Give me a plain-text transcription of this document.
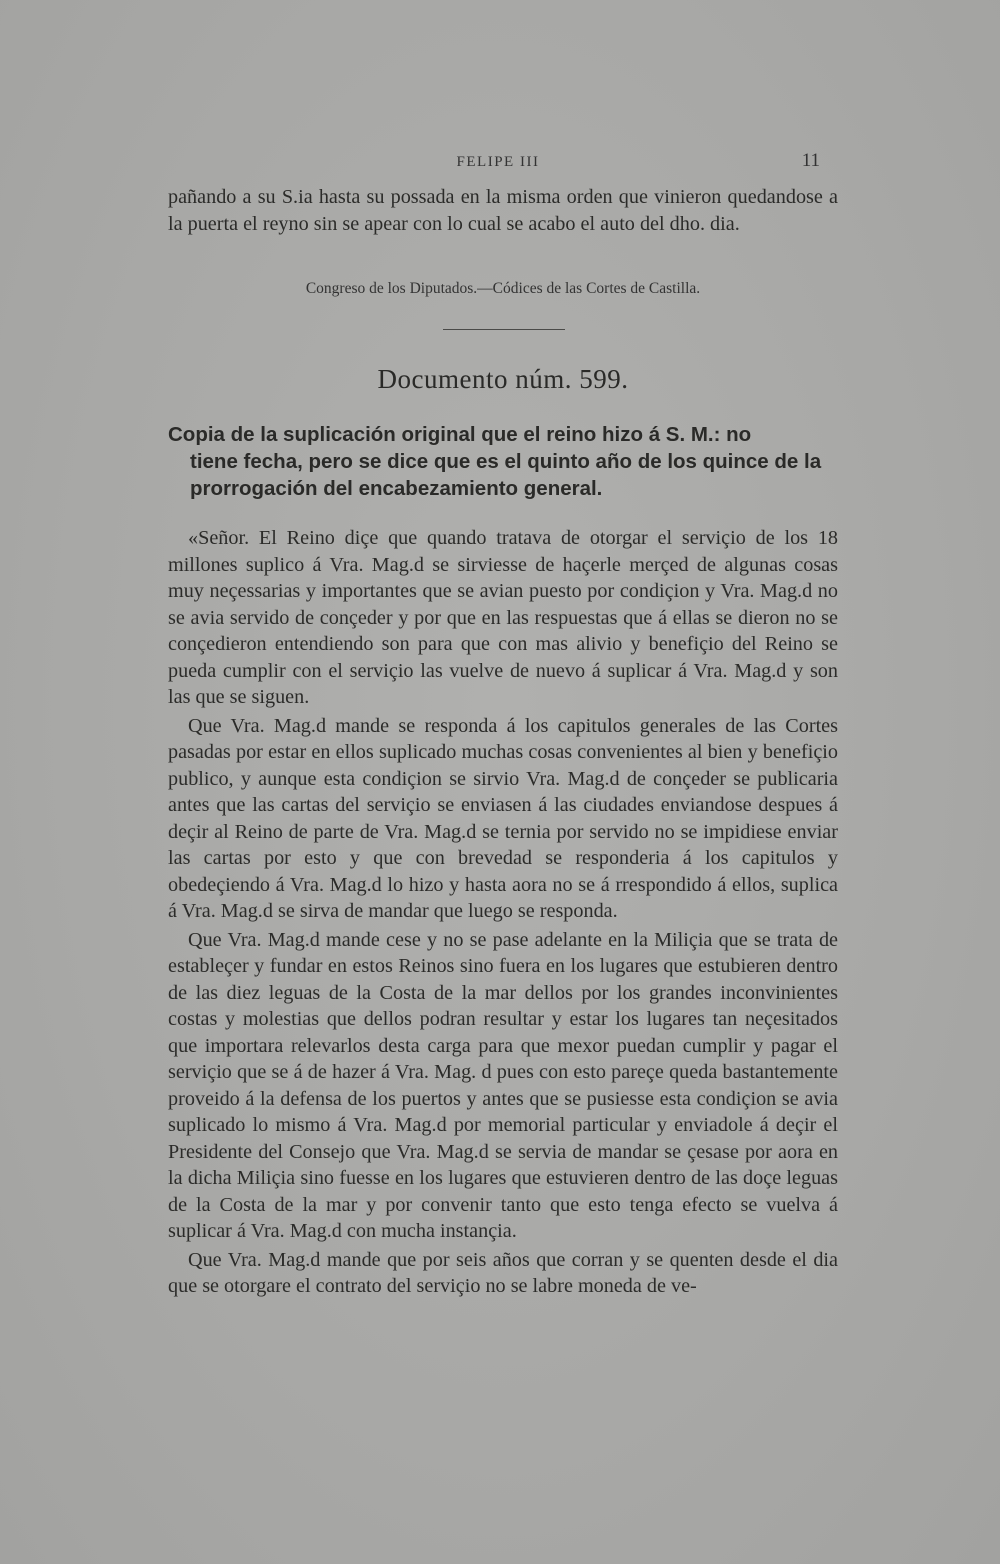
FELIPE III	11

pañando a su S.ia hasta su possada en la misma orden que vinieron quedandose a la puerta el reyno sin se apear con lo cual se acabo el auto del dho. dia.

Congreso de los Diputados.—Códices de las Cortes de Castilla.
Documento núm. 599.
Copia de la suplicación original que el reino hizo á S. M.: no
tiene fecha, pero se dice que es el quinto año de los quince de la prorrogación del encabezamiento general.

«Señor. El Reino diçe que quando tratava de otorgar el serviçio de los 18 millones suplico á Vra. Mag.d se sirviesse de haçerle merçed de algunas cosas muy neçessarias y importantes que se avian puesto por condiçion y Vra. Mag.d no se avia servido de conçeder y por que en las respuestas que á ellas se dieron no se conçedieron entendiendo son para que con mas alivio y benefiçio del Reino se pueda cumplir con el serviçio las vuelve de nuevo á suplicar á Vra. Mag.d y son las que se siguen.

Que Vra. Mag.d mande se responda á los capitulos generales de las Cortes pasadas por estar en ellos suplicado muchas cosas convenientes al bien y benefiçio publico, y aunque esta condiçion se sirvio Vra. Mag.d de conçeder se publicaria antes que las cartas del serviçio se enviasen á las ciudades enviandose despues á deçir al Reino de parte de Vra. Mag.d se ternia por servido no se impidiese enviar las cartas por esto y que con brevedad se responderia á los capitulos y obedeçiendo á Vra. Mag.d lo hizo y hasta aora no se á rrespondido á ellos, suplica á Vra. Mag.d se sirva de mandar que luego se responda.

Que Vra. Mag.d mande cese y no se pase adelante en la Miliçia que se trata de estableçer y fundar en estos Reinos sino fuera en los lugares que estubieren dentro de las diez leguas de la Costa de la mar dellos por los grandes inconvinientes costas y molestias que dellos podran resultar y estar los lugares tan neçesitados que importara relevarlos desta carga para que mexor puedan cumplir y pagar el serviçio que se á de hazer á Vra. Mag. d pues con esto pareçe queda bastantemente proveido á la defensa de los puertos y antes que se pusiesse esta condiçion se avia suplicado lo mismo á Vra. Mag.d por memorial particular y enviadole á deçir el Presidente del Consejo que Vra. Mag.d se servia de mandar se çesase por aora en la dicha Miliçia sino fuesse en los lugares que estuvieren dentro de las doçe leguas de la Costa de la mar y por convenir tanto que esto tenga efecto se vuelva á suplicar á Vra. Mag.d con mucha instançia.

Que Vra. Mag.d mande que por seis años que corran y se quenten desde el dia que se otorgare el contrato del serviçio no se labre moneda de ve-
